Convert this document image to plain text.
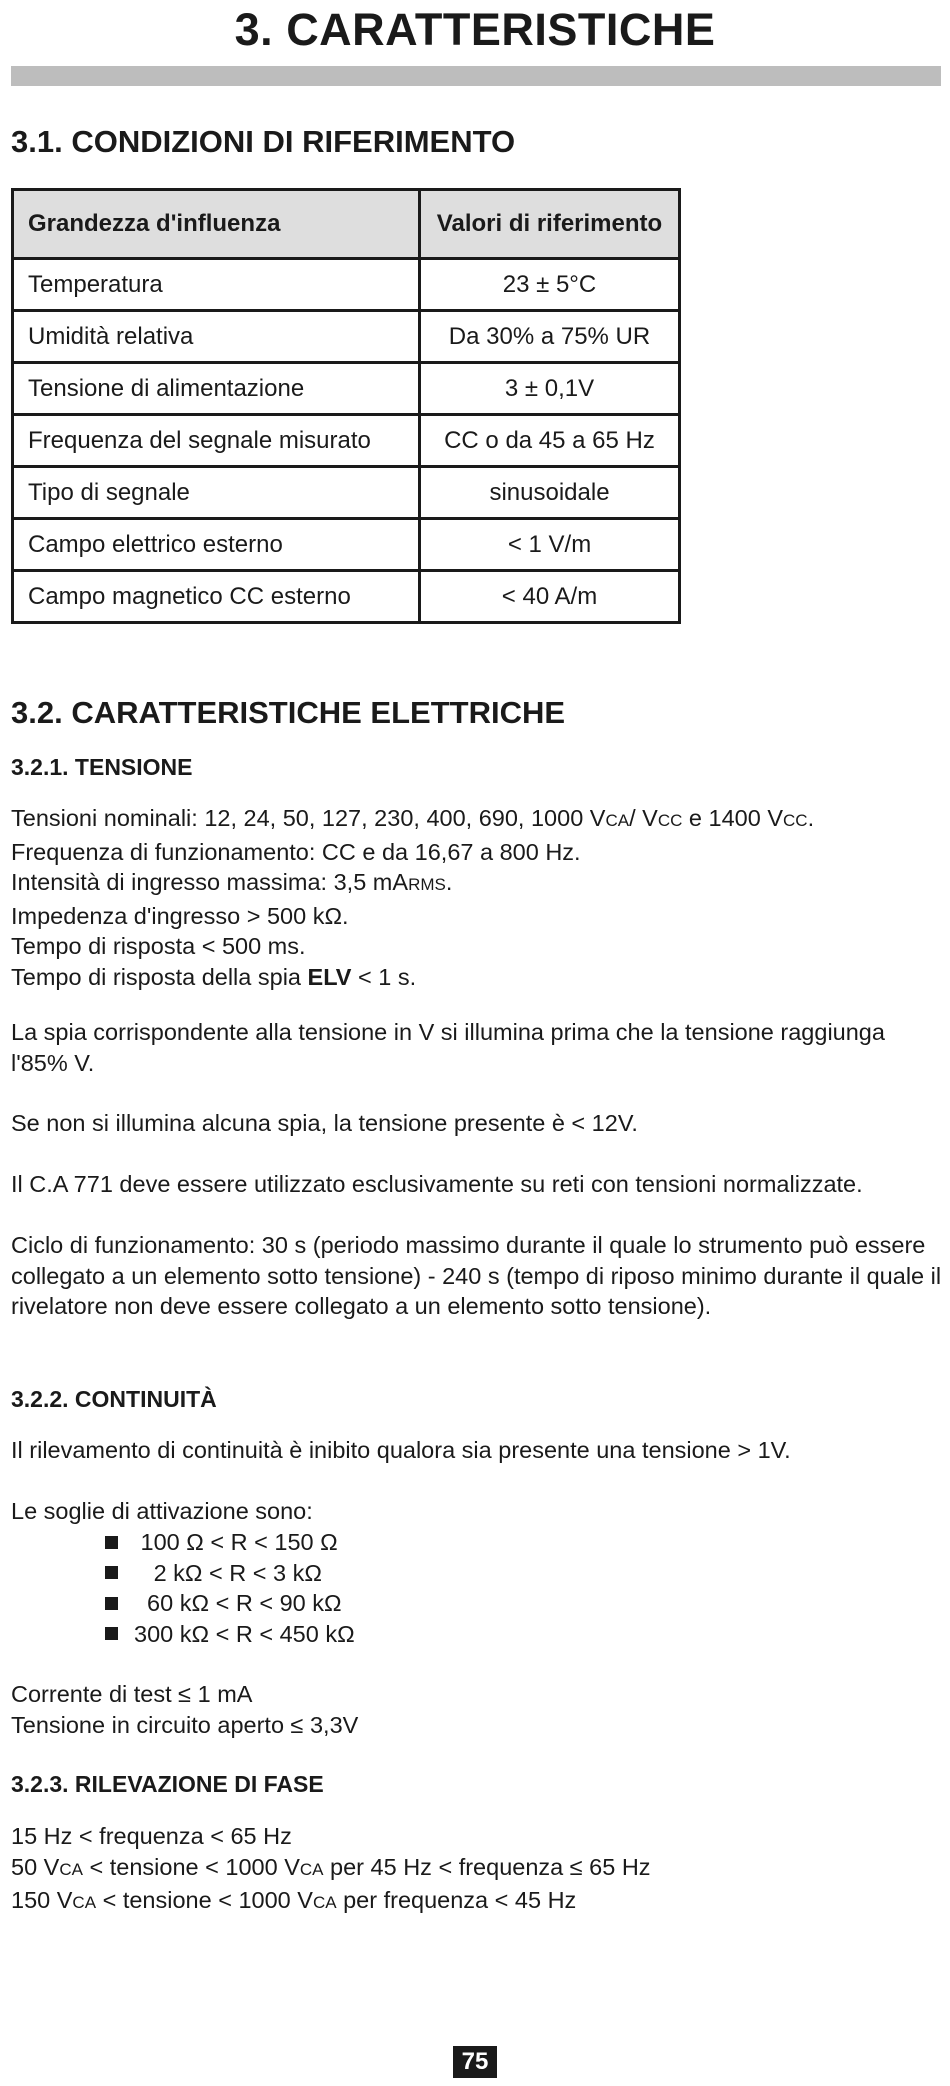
3. CARATTERISTICHE
3.1. CONDIZIONI DI RIFERIMENTO
Grandezza d'influenza	Valori di riferimento
Temperatura	23 ± 5°C
Umidità relativa	Da 30% a 75% UR
Tensione di alimentazione	3 ± 0,1V
Frequenza del segnale misurato	CC o da 45 a 65 Hz
Tipo di segnale	sinusoidale
Campo elettrico esterno	< 1 V/m
Campo magnetico CC esterno	< 40 A/m
3.2. CARATTERISTICHE ELETTRICHE
3.2.1. TENSIONE
Tensioni nominali: 12, 24, 50, 127, 230, 400, 690, 1000 VCA/ VCC e 1400 VCC.
Frequenza di funzionamento: CC e da 16,67 a 800 Hz.
Intensità di ingresso massima: 3,5 mARMS.
Impedenza d'ingresso > 500 kΩ.
Tempo di risposta < 500 ms.
Tempo di risposta della spia ELV < 1 s.
La spia corrispondente alla tensione in V si illumina prima che la tensione raggiunga l'85% V.
Se non si illumina alcuna spia, la tensione presente è < 12V.
Il C.A 771 deve essere utilizzato esclusivamente su reti con tensioni normalizzate.
Ciclo di funzionamento: 30 s (periodo massimo durante il quale lo strumento può essere collegato a un elemento sotto tensione) - 240 s (tempo di riposo minimo durante il quale il rivelatore non deve essere collegato a un elemento sotto tensione).
3.2.2. CONTINUITÀ
Il rilevamento di continuità è inibito qualora sia presente una tensione > 1V.
Le soglie di attivazione sono:
100 Ω < R < 150 Ω
2 kΩ < R < 3 kΩ
60 kΩ < R < 90 kΩ
300 kΩ < R < 450 kΩ
Corrente di test ≤ 1 mA
Tensione in circuito aperto ≤ 3,3V
3.2.3. RILEVAZIONE DI FASE
15 Hz < frequenza < 65 Hz
50 VCA < tensione < 1000 VCA per 45 Hz < frequenza ≤ 65 Hz
150 VCA < tensione < 1000 VCA per frequenza < 45 Hz
75
